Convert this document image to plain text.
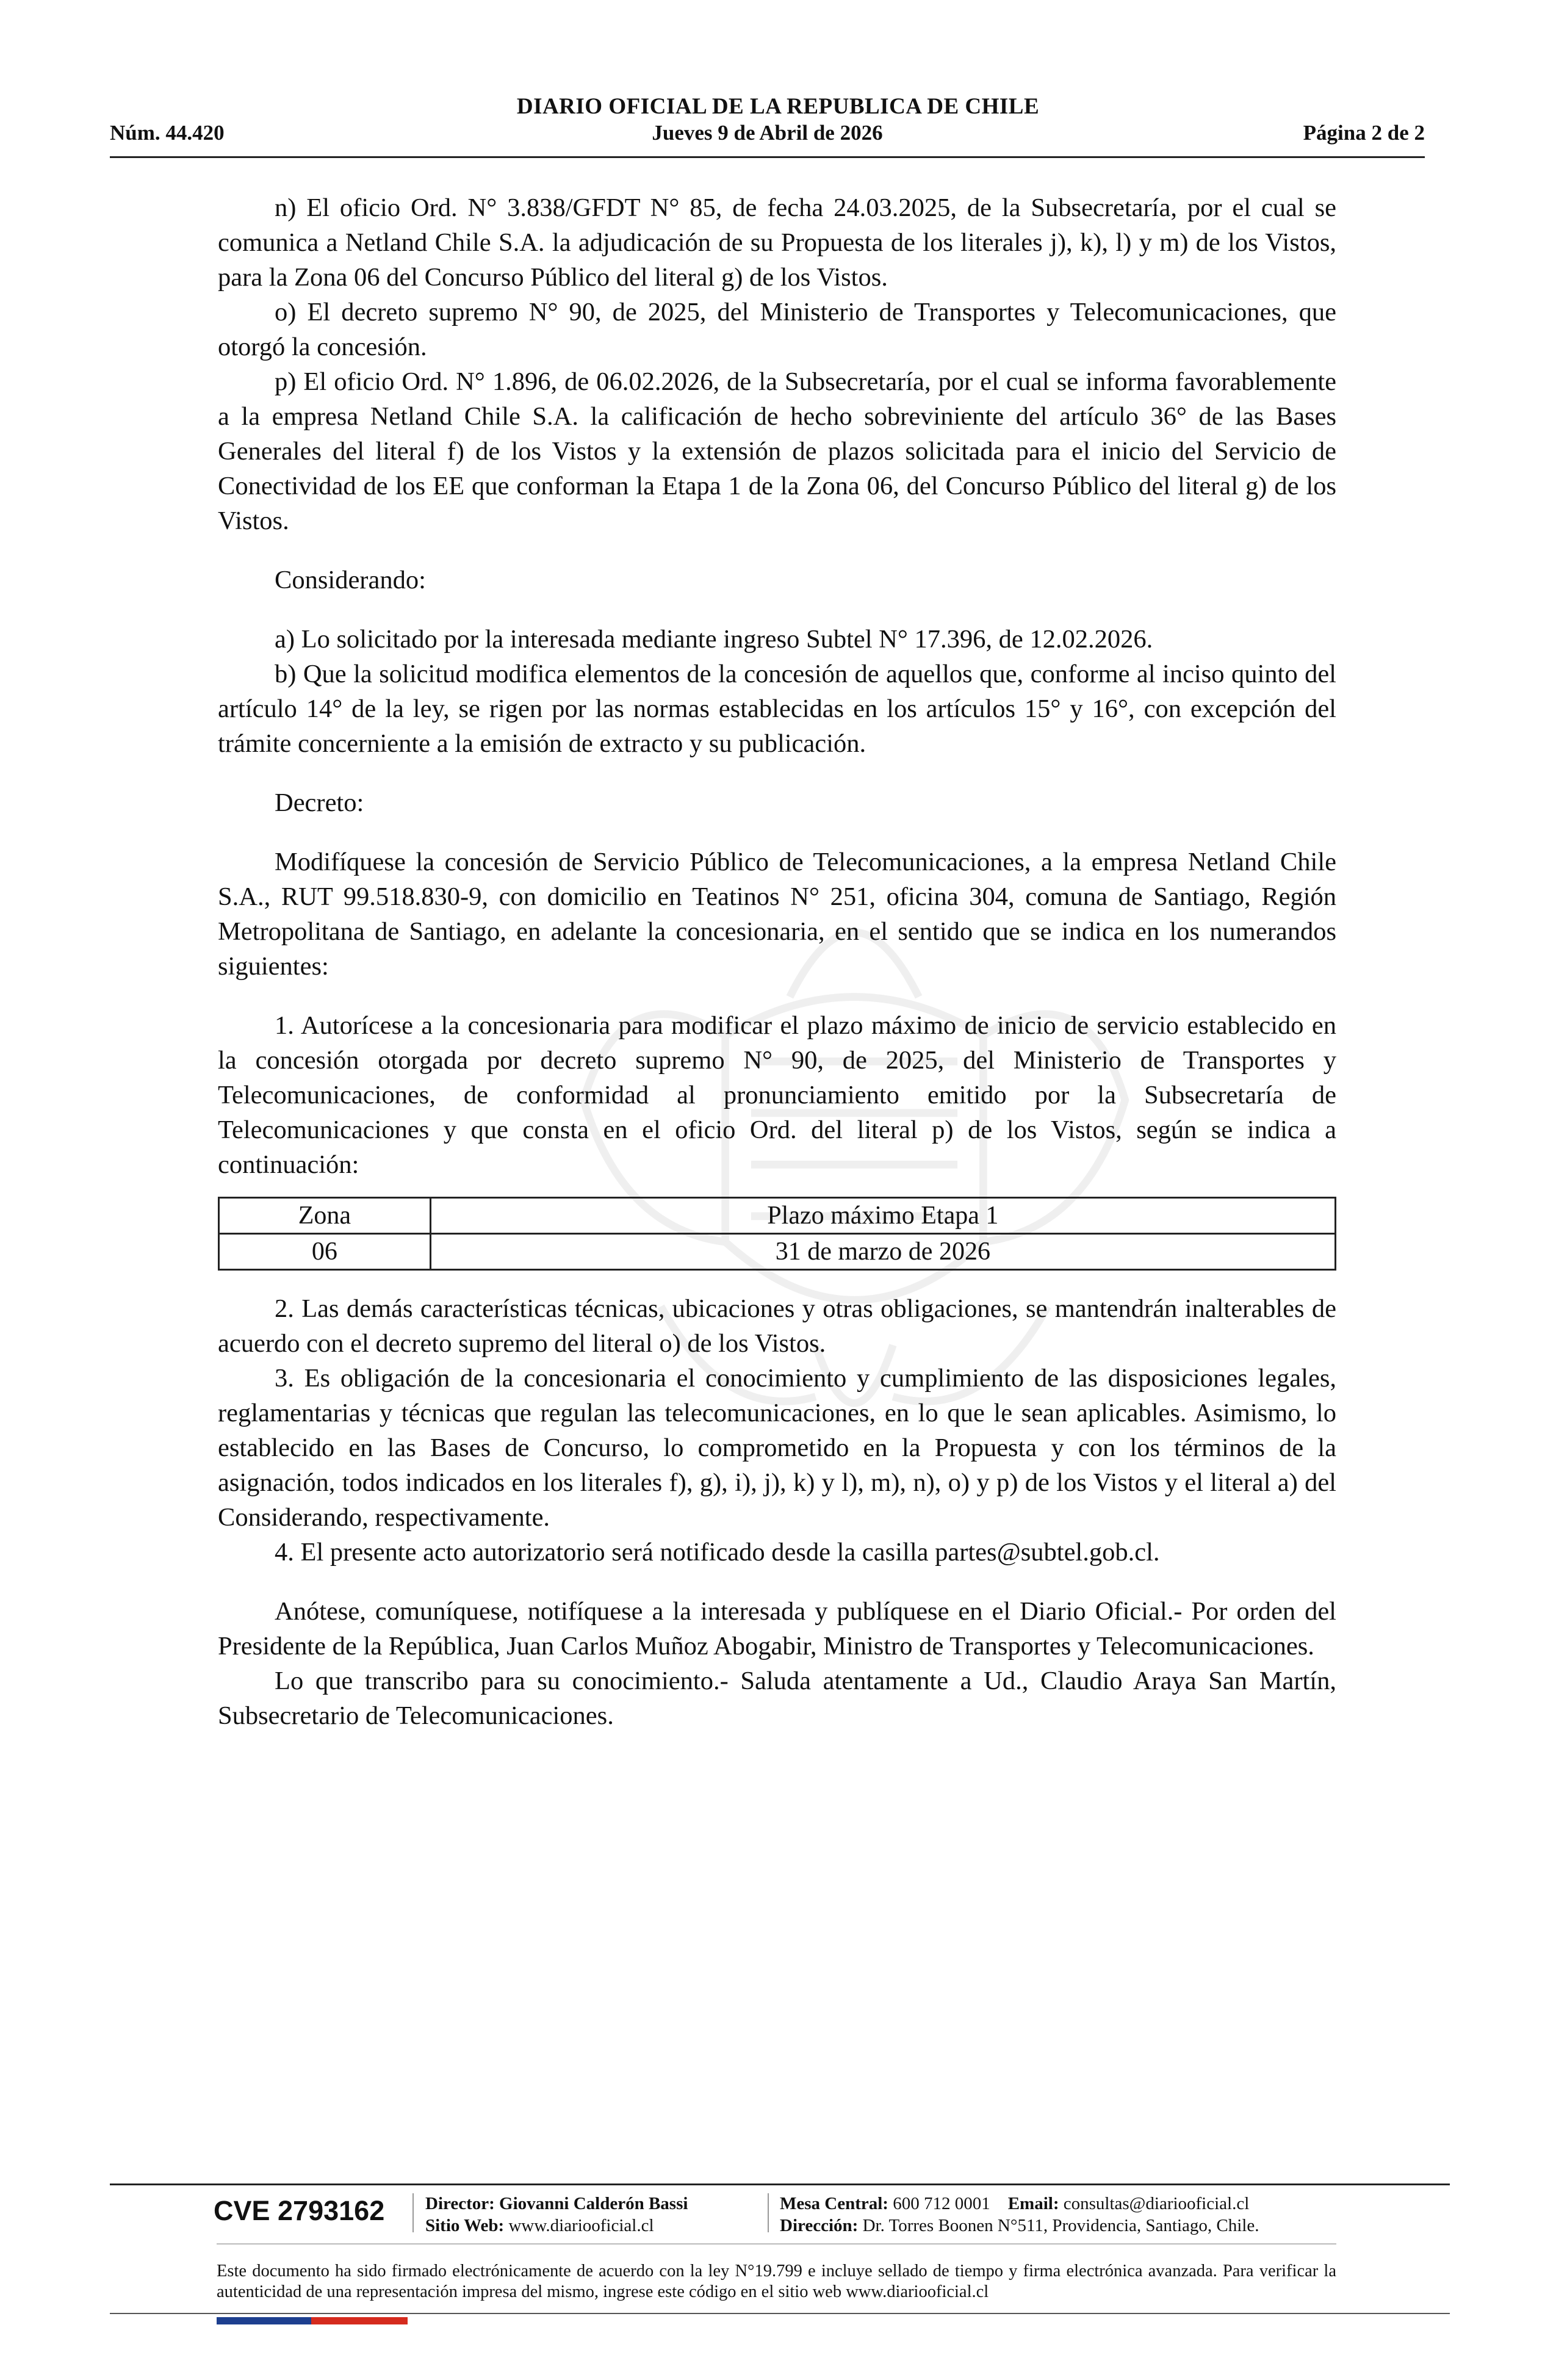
DIARIO OFICIAL DE LA REPUBLICA DE CHILE
Núm. 44.420	Jueves 9 de Abril de 2026	Página 2 de 2

n) El oficio Ord. N° 3.838/GFDT N° 85, de fecha 24.03.2025, de la Subsecretaría, por el cual se comunica a Netland Chile S.A. la adjudicación de su Propuesta de los literales j), k), l) y m) de los Vistos, para la Zona 06 del Concurso Público del literal g) de los Vistos.

o) El decreto supremo N° 90, de 2025, del Ministerio de Transportes y Telecomunicaciones, que otorgó la concesión.

p) El oficio Ord. N° 1.896, de 06.02.2026, de la Subsecretaría, por el cual se informa favorablemente a la empresa Netland Chile S.A. la calificación de hecho sobreviniente del artículo 36° de las Bases Generales del literal f) de los Vistos y la extensión de plazos solicitada para el inicio del Servicio de Conectividad de los EE que conforman la Etapa 1 de la Zona 06, del Concurso Público del literal g) de los Vistos.

Considerando:

a) Lo solicitado por la interesada mediante ingreso Subtel N° 17.396, de 12.02.2026.

b) Que la solicitud modifica elementos de la concesión de aquellos que, conforme al inciso quinto del artículo 14° de la ley, se rigen por las normas establecidas en los artículos 15° y 16°, con excepción del trámite concerniente a la emisión de extracto y su publicación.

Decreto:

Modifíquese la concesión de Servicio Público de Telecomunicaciones, a la empresa Netland Chile S.A., RUT 99.518.830-9, con domicilio en Teatinos N° 251, oficina 304, comuna de Santiago, Región Metropolitana de Santiago, en adelante la concesionaria, en el sentido que se indica en los numerandos siguientes:

1. Autorícese a la concesionaria para modificar el plazo máximo de inicio de servicio establecido en la concesión otorgada por decreto supremo N° 90, de 2025, del Ministerio de Transportes y Telecomunicaciones, de conformidad al pronunciamiento emitido por la Subsecretaría de Telecomunicaciones y que consta en el oficio Ord. del literal p) de los Vistos, según se indica a continuación:

Zona	Plazo máximo Etapa 1
06	31 de marzo de 2026

2. Las demás características técnicas, ubicaciones y otras obligaciones, se mantendrán inalterables de acuerdo con el decreto supremo del literal o) de los Vistos.

3. Es obligación de la concesionaria el conocimiento y cumplimiento de las disposiciones legales, reglamentarias y técnicas que regulan las telecomunicaciones, en lo que le sean aplicables. Asimismo, lo establecido en las Bases de Concurso, lo comprometido en la Propuesta y con los términos de la asignación, todos indicados en los literales f), g), i), j), k) y l), m), n), o) y p) de los Vistos y el literal a) del Considerando, respectivamente.

4. El presente acto autorizatorio será notificado desde la casilla partes@subtel.gob.cl.

Anótese, comuníquese, notifíquese a la interesada y publíquese en el Diario Oficial.- Por orden del Presidente de la República, Juan Carlos Muñoz Abogabir, Ministro de Transportes y Telecomunicaciones.

Lo que transcribo para su conocimiento.- Saluda atentamente a Ud., Claudio Araya San Martín, Subsecretario de Telecomunicaciones.

CVE 2793162 Director: Giovanni Calderón Bassi
Sitio Web: www.diariooficial.cl
Mesa Central: 600 712 0001 Email: consultas@diariooficial.cl
Dirección: Dr. Torres Boonen N°511, Providencia, Santiago, Chile.
Este documento ha sido firmado electrónicamente de acuerdo con la ley N°19.799 e incluye sellado de tiempo y firma electrónica avanzada. Para verificar la autenticidad de una representación impresa del mismo, ingrese este código en el sitio web www.diariooficial.cl
